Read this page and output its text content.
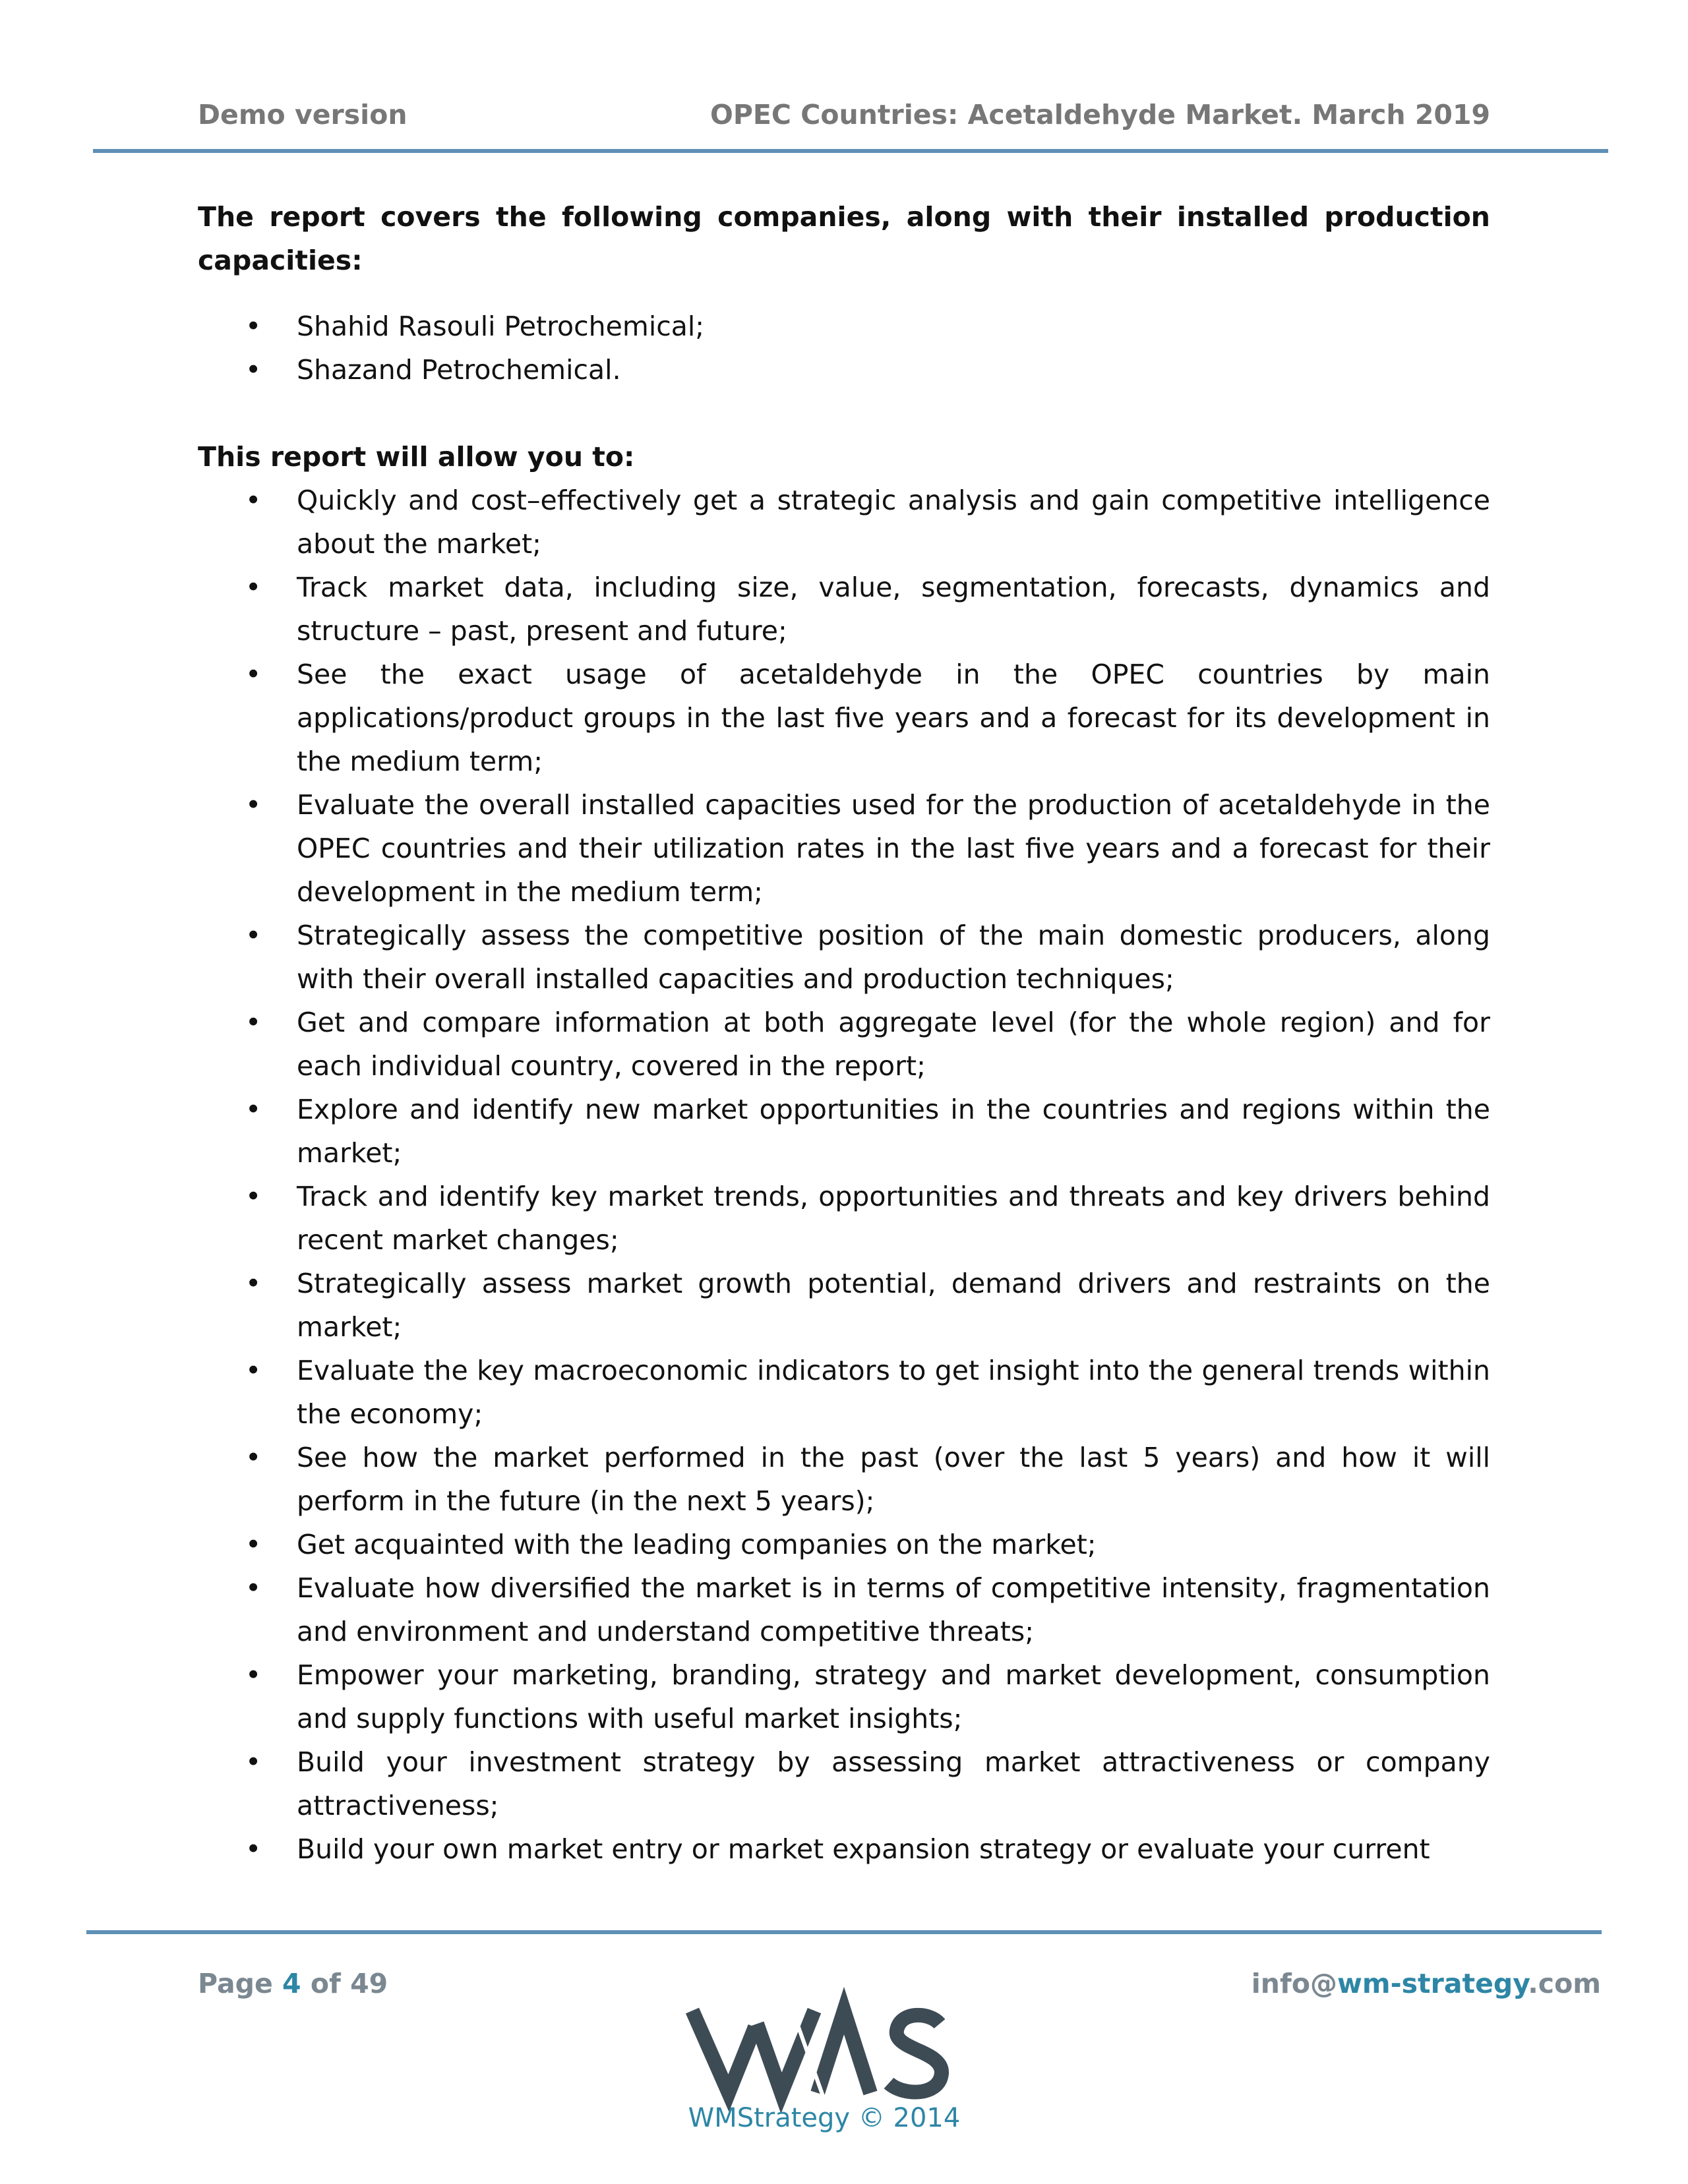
Demo version	OPEC Countries: Acetaldehyde Market. March 2019

The report covers the following companies, along with their installed production capacities:

• Shahid Rasouli Petrochemical;
• Shazand Petrochemical.

This report will allow you to:

• Quickly and cost–effectively get a strategic analysis and gain competitive intelligence about the market;
• Track market data, including size, value, segmentation, forecasts, dynamics and structure – past, present and future;
• See the exact usage of acetaldehyde in the OPEC countries by main applications/product groups in the last five years and a forecast for its development in the medium term;
• Evaluate the overall installed capacities used for the production of acetaldehyde in the OPEC countries and their utilization rates in the last five years and a forecast for their development in the medium term;
• Strategically assess the competitive position of the main domestic producers, along with their overall installed capacities and production techniques;
• Get and compare information at both aggregate level (for the whole region) and for each individual country, covered in the report;
• Explore and identify new market opportunities in the countries and regions within the market;
• Track and identify key market trends, opportunities and threats and key drivers behind recent market changes;
• Strategically assess market growth potential, demand drivers and restraints on the market;
• Evaluate the key macroeconomic indicators to get insight into the general trends within the economy;
• See how the market performed in the past (over the last 5 years) and how it will perform in the future (in the next 5 years);
• Get acquainted with the leading companies on the market;
• Evaluate how diversified the market is in terms of competitive intensity, fragmentation and environment and understand competitive threats;
• Empower your marketing, branding, strategy and market development, consumption and supply functions with useful market insights;
• Build your investment strategy by assessing market attractiveness or company attractiveness;
• Build your own market entry or market expansion strategy or evaluate your current
Page 4 of 49	info@wm-strategy.com
WMStrategy © 2014
